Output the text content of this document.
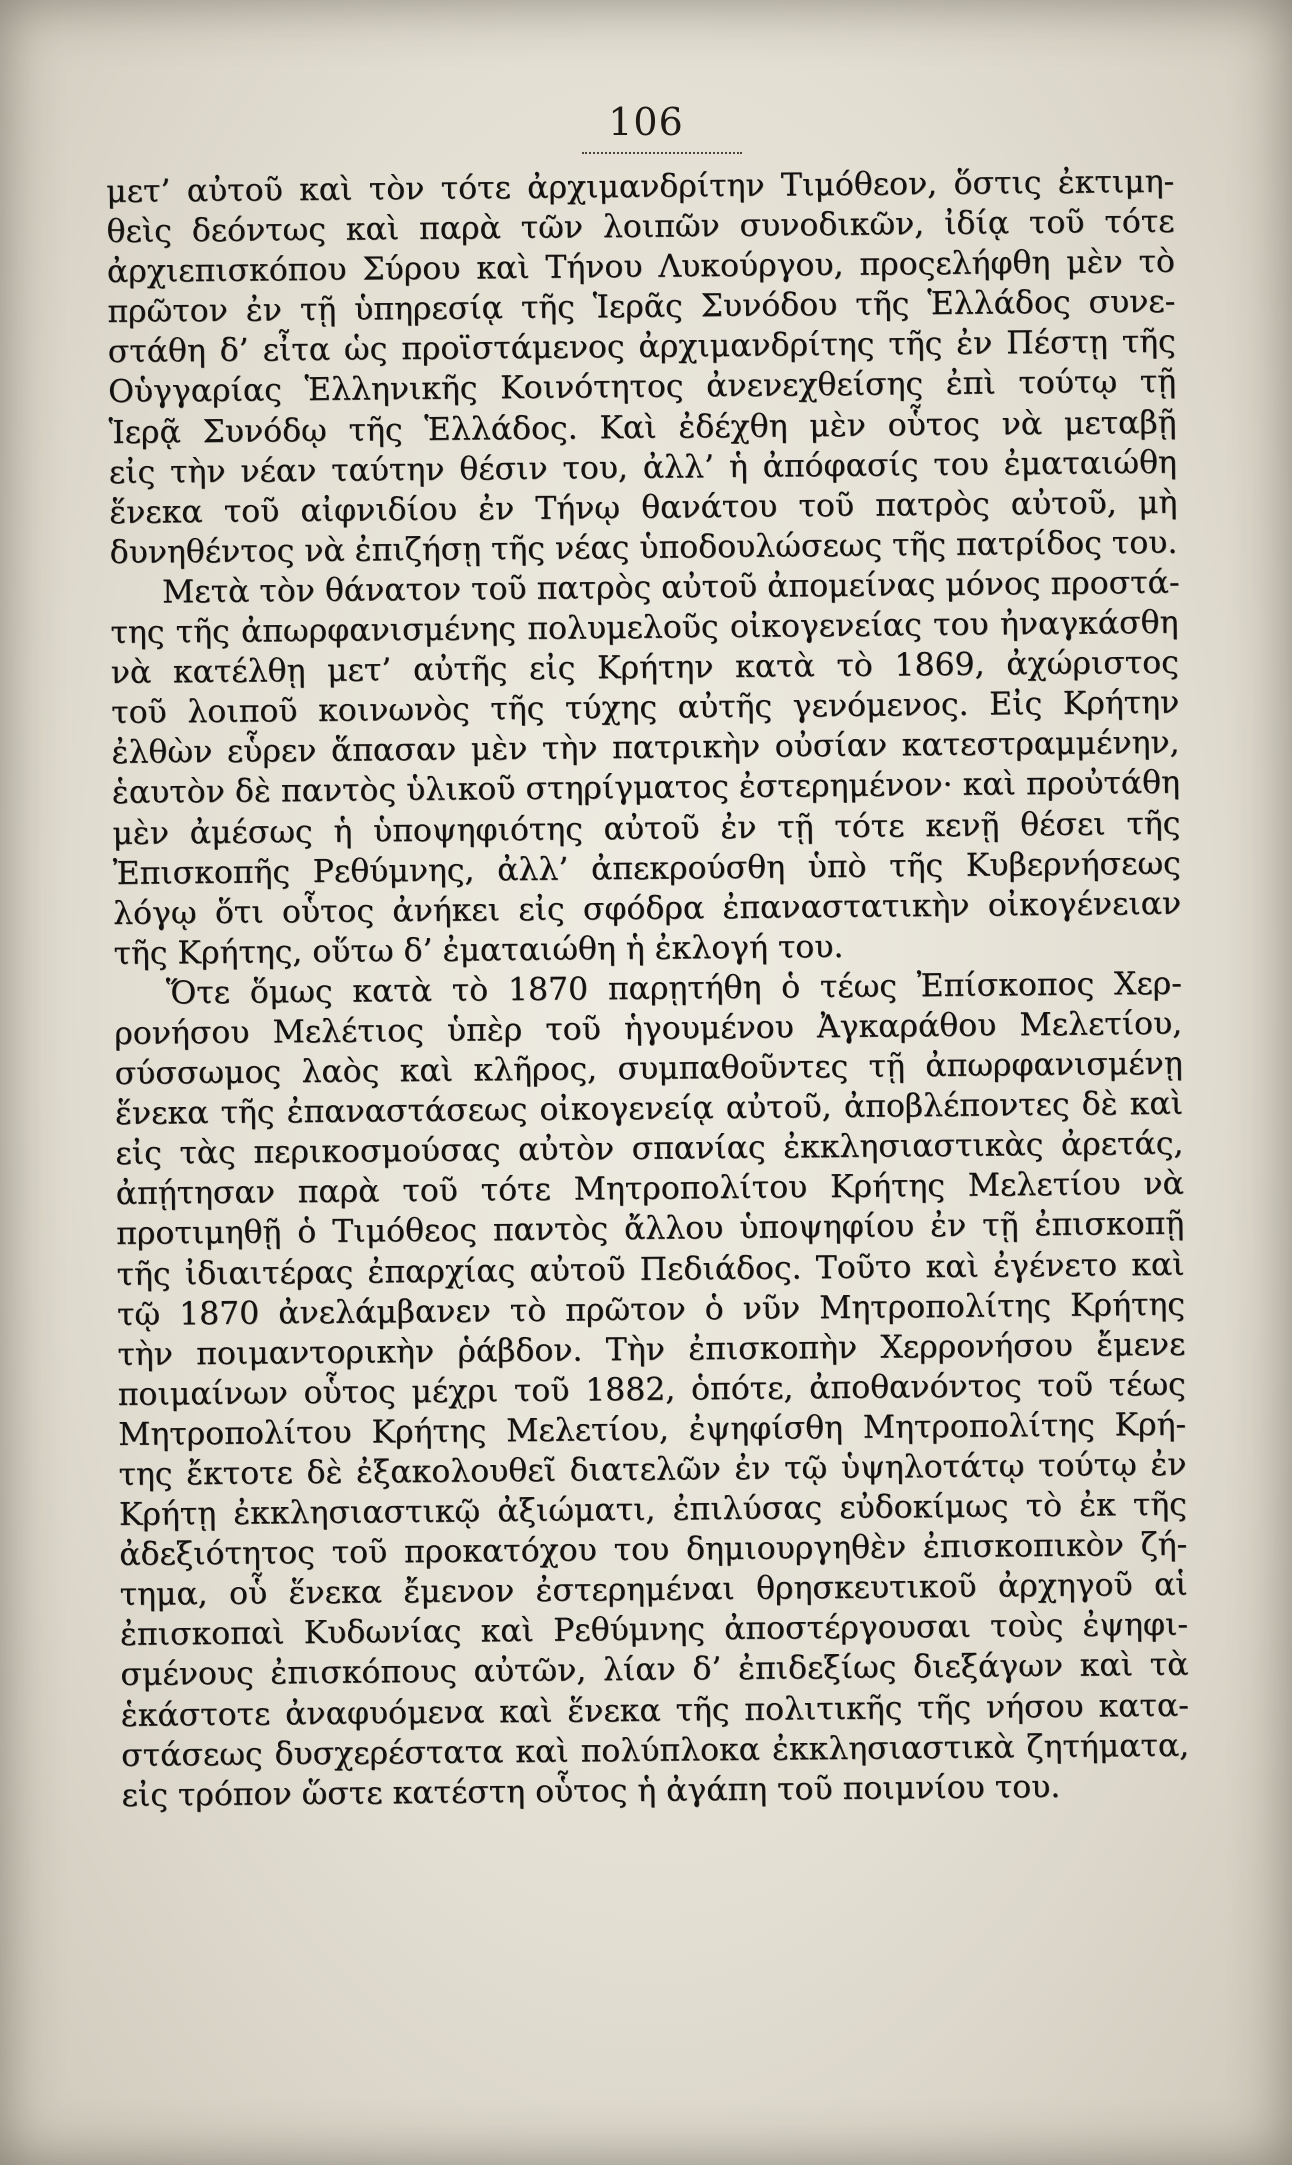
106
μετ’ αὐτοῦ καὶ τὸν τότε ἀρχιμανδρίτην Τιμόθεον, ὅστις ἐκτιμη-
θεὶς δεόντως καὶ παρὰ τῶν λοιπῶν συνοδικῶν, ἰδίᾳ τοῦ τότε
ἀρχιεπισκόπου Σύρου καὶ Τήνου Λυκούργου, προςελήφθη μὲν τὸ
πρῶτον ἐν τῇ ὑπηρεσίᾳ τῆς Ἱερᾶς Συνόδου τῆς Ἑλλάδος συνε-
στάθη δ’ εἶτα ὡς προϊστάμενος ἀρχιμανδρίτης τῆς ἐν Πέστῃ τῆς
Οὑγγαρίας Ἑλληνικῆς Κοινότητος ἀνενεχθείσης ἐπὶ τούτῳ τῇ
Ἱερᾷ Συνόδῳ τῆς Ἑλλάδος. Καὶ ἐδέχθη μὲν οὗτος νὰ μεταβῇ
εἰς τὴν νέαν ταύτην θέσιν του, ἀλλ’ ἡ ἀπόφασίς του ἐματαιώθη
ἕνεκα τοῦ αἰφνιδίου ἐν Τήνῳ θανάτου τοῦ πατρὸς αὐτοῦ, μὴ
δυνηθέντος νὰ ἐπιζήσῃ τῆς νέας ὑποδουλώσεως τῆς πατρίδος του.
Μετὰ τὸν θάνατον τοῦ πατρὸς αὐτοῦ ἀπομείνας μόνος προστά-
της τῆς ἀπωρφανισμένης πολυμελοῦς οἰκογενείας του ἠναγκάσθη
νὰ κατέλθῃ μετ’ αὐτῆς εἰς Κρήτην κατὰ τὸ 1869, ἀχώριστος
τοῦ λοιποῦ κοινωνὸς τῆς τύχης αὐτῆς γενόμενος. Εἰς Κρήτην
ἐλθὼν εὗρεν ἅπασαν μὲν τὴν πατρικὴν οὐσίαν κατεστραμμένην,
ἑαυτὸν δὲ παντὸς ὑλικοῦ στηρίγματος ἐστερημένον· καὶ προὐτάθη
μὲν ἀμέσως ἡ ὑποψηφιότης αὐτοῦ ἐν τῇ τότε κενῇ θέσει τῆς
Ἐπισκοπῆς Ρεθύμνης, ἀλλ’ ἀπεκρούσθη ὑπὸ τῆς Κυβερνήσεως
λόγῳ ὅτι οὗτος ἀνήκει εἰς σφόδρα ἐπαναστατικὴν οἰκογένειαν
τῆς Κρήτης, οὕτω δ’ ἐματαιώθη ἡ ἐκλογή του.
Ὅτε ὅμως κατὰ τὸ 1870 παρῃτήθη ὁ τέως Ἐπίσκοπος Χερ-
ρονήσου Μελέτιος ὑπὲρ τοῦ ἡγουμένου Ἀγκαράθου Μελετίου,
σύσσωμος λαὸς καὶ κλῆρος, συμπαθοῦντες τῇ ἀπωρφανισμένῃ
ἕνεκα τῆς ἐπαναστάσεως οἰκογενείᾳ αὐτοῦ, ἀποβλέποντες δὲ καὶ
εἰς τὰς περικοσμούσας αὐτὸν σπανίας ἐκκλησιαστικὰς ἀρετάς,
ἀπῄτησαν παρὰ τοῦ τότε Μητροπολίτου Κρήτης Μελετίου νὰ
προτιμηθῇ ὁ Τιμόθεος παντὸς ἄλλου ὑποψηφίου ἐν τῇ ἐπισκοπῇ
τῆς ἰδιαιτέρας ἐπαρχίας αὐτοῦ Πεδιάδος. Τοῦτο καὶ ἐγένετο καὶ
τῷ 1870 ἀνελάμβανεν τὸ πρῶτον ὁ νῦν Μητροπολίτης Κρήτης
τὴν ποιμαντορικὴν ῥάβδον. Τὴν ἐπισκοπὴν Χερρονήσου ἔμενε
ποιμαίνων οὗτος μέχρι τοῦ 1882, ὁπότε, ἀποθανόντος τοῦ τέως
Μητροπολίτου Κρήτης Μελετίου, ἐψηφίσθη Μητροπολίτης Κρή-
της ἔκτοτε δὲ ἐξακολουθεῖ διατελῶν ἐν τῷ ὑψηλοτάτῳ τούτῳ ἐν
Κρήτῃ ἐκκλησιαστικῷ ἀξιώματι, ἐπιλύσας εὐδοκίμως τὸ ἐκ τῆς
ἀδεξιότητος τοῦ προκατόχου του δημιουργηθὲν ἐπισκοπικὸν ζή-
τημα, οὗ ἕνεκα ἔμενον ἐστερημέναι θρησκευτικοῦ ἀρχηγοῦ αἱ
ἐπισκοπαὶ Κυδωνίας καὶ Ρεθύμνης ἀποστέργουσαι τοὺς ἐψηφι-
σμένους ἐπισκόπους αὐτῶν, λίαν δ’ ἐπιδεξίως διεξάγων καὶ τὰ
ἑκάστοτε ἀναφυόμενα καὶ ἕνεκα τῆς πολιτικῆς τῆς νήσου κατα-
στάσεως δυσχερέστατα καὶ πολύπλοκα ἐκκλησιαστικὰ ζητήματα,
εἰς τρόπον ὥστε κατέστη οὗτος ἡ ἀγάπη τοῦ ποιμνίου του.
